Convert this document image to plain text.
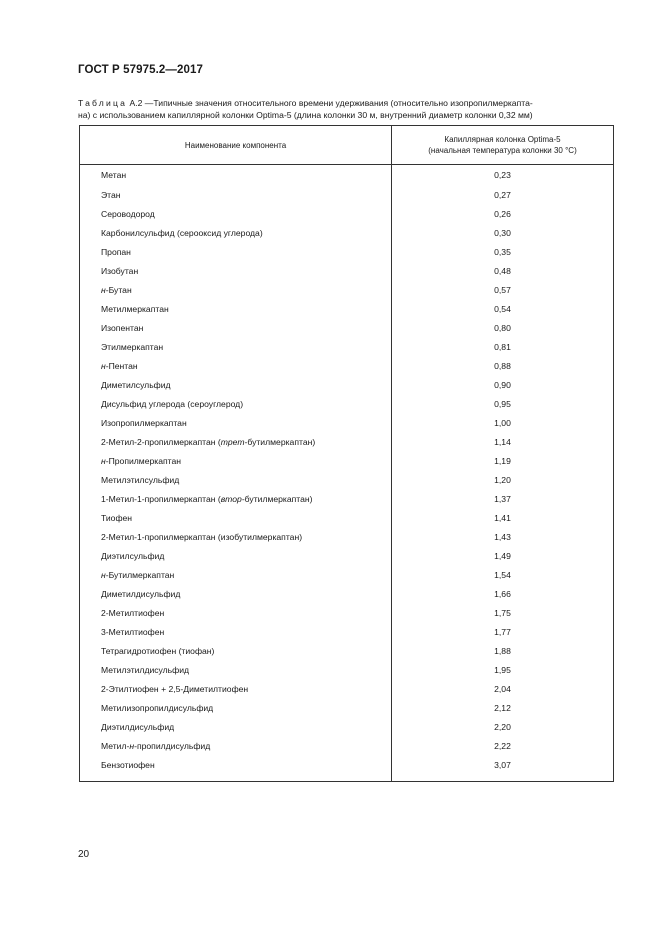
ГОСТ Р 57975.2—2017
Таблица А.2 —Типичные значения относительного времени удерживания (относительно изопропилмеркапта-
на) с использованием капиллярной колонки Optima-5 (длина колонки 30 м, внутренний диаметр колонки 0,32 мм)
Наименование компонента	Капиллярная колонка Optima-5
(начальная температура колонки 30 °С)
Метан	0,23
Этан	0,27
Сероводород	0,26
Карбонилсульфид (серооксид углерода)	0,30
Пропан	0,35
Изобутан	0,48
н-Бутан	0,57
Метилмеркаптан	0,54
Изопентан	0,80
Этилмеркаптан	0,81
н-Пентан	0,88
Диметилсульфид	0,90
Дисульфид углерода (сероуглерод)	0,95
Изопропилмеркаптан	1,00
2-Метил-2-пропилмеркаптан (трет-бутилмеркаптан)	1,14
н-Пропилмеркаптан	1,19
Метилэтилсульфид	1,20
1-Метил-1-пропилмеркаптан (втор-бутилмеркаптан)	1,37
Тиофен	1,41
2-Метил-1-пропилмеркаптан (изобутилмеркаптан)	1,43
Диэтилсульфид	1,49
н-Бутилмеркаптан	1,54
Диметилдисульфид	1,66
2-Метилтиофен	1,75
3-Метилтиофен	1,77
Тетрагидротиофен (тиофан)	1,88
Метилэтилдисульфид	1,95
2-Этилтиофен + 2,5-Диметилтиофен	2,04
Метилизопропилдисульфид	2,12
Диэтилдисульфид	2,20
Метил-н-пропилдисульфид	2,22
Бензотиофен	3,07

20
